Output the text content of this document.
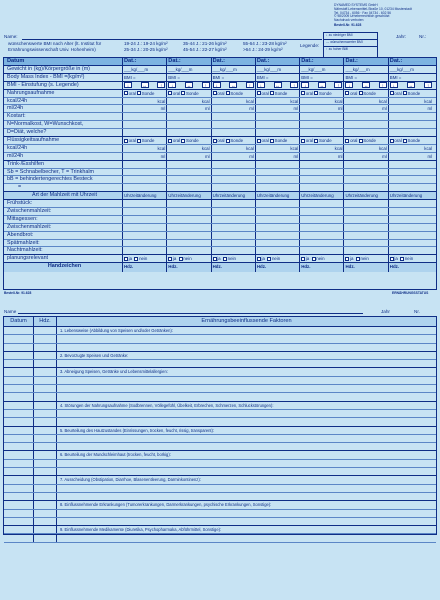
DYNAMED SYSTEMS GmbH
Nährstoff-Lebensmittel-Straße 10, 01234 Musterstadt
Tel. 04734 - 6056 · Fax 04734 - 602 56
© 98/2009 Urheberrechtlich geschützt
Nachdruck verboten
Bestell-Nr. 91.628
Name:	Jahr:	Nr.:
wünschenswerte BMI nach Alter (lt. Institut für
Ernährungswissenschaft Univ. Hohenheim)
19-24 J.: 19-24 kg/m²
25-34 J.: 20-25 kg/m²
35-44 J.: 21-26 kg/m²
45-54 J.: 22-27 kg/m²
55-64 J.: 23-28 kg/m²
>64 J.: 24-29 kg/m²
Legende:
↓ zu niedriger BMI
↔ wünschenswerter BMI
↑ zu hoher BMI
Datum	Dat.:	Dat.:	Dat.:	Dat.:	Dat.:	Dat.:	Dat.:
Gewicht in (kg)/Körpergröße in (m)	___kg/___m	___kg/___m	___kg/___m	___kg/___m	___kg/___m	___kg/___m	___kg/___m
Body Mass Index - BMI =(kg/m²)	BMI =	BMI =	BMI =	BMI =	BMI =	BMI =	BMI =
BMI - Einstufung (s. Legende)	↓	↔	↑	↓	↔	↑	↓	↔	↑	↓	↔	↑	↓	↔	↑	↓	↔	↑	↓	↔	↑
Nahrungsaufnahme	oral Sonde	oral Sonde	oral Sonde	oral Sonde	oral Sonde	oral Sonde	oral Sonde
kcal/24h	kcal	kcal	kcal	kcal	kcal	kcal	kcal
ml/24h	ml	ml	ml	ml	ml	ml	ml
Kostart:
N=Normalkost, W=Wunschkost,
D=Diät, welche?
Flüssigkeitsaufnahme	oral Sonde	oral Sonde	oral Sonde	oral Sonde	oral Sonde	oral Sonde	oral Sonde
kcal/24h	kcal	kcal	kcal	kcal	kcal	kcal	kcal
ml/24h	ml	ml	ml	ml	ml	ml	ml
Trink-/Esshilfen
Sb = Schnabelbecher, T = Trinkhalm
bB = behindertengerechtes Besteck
=
Art der Mahlzeit mit Uhrzeit	Uhrzeitänderung	Uhrzeitänderung	Uhrzeitänderung	Uhrzeitänderung	Uhrzeitänderung	Uhrzeitänderung	Uhrzeitänderung
Frühstück:
Zwischenmahlzeit:
Mittagessen:
Zwischenmahlzeit:
Abendbrot:
Spätmahlzeit:
Nachtmahlzeit:
planungsrelevant	ja nein	ja nein	ja nein	ja nein	ja nein	ja nein	ja nein
Handzeichen	Hdz.	Hdz.	Hdz.	Hdz.	Hdz.	Hdz.	Hdz.
Bestell-Nr. 91.628	ERNÄHRUNGSSTATUS
Name	Jahr	Nr.
Datum	Hdz.	Ernährungsbeeinflussende Faktoren
1. Lebensweise (Abbildung von Speisen und/oder Getränken):
2. Bevorzugte Speisen und Getränke:
3. Abneigung Speisen, Getränke und Lebensmittelallergien:
4. Störungen der Nahrungsaufnahme (Sodbrennen, Völlegefühl, Übelkeit, Erbrechen, Schmerzen, Schluckstörungen):
5. Beurteilung des Hautzustandes (Einrissungen, trocken, feucht, rissig, transparent):
6. Beurteilung der Mundschleimhaut (trocken, feucht, borkig):
7. Ausscheidung (Obstipation, Diarrhoe, Blasenentleerung, Darminkontinenz):
8. Einflussnehmende Erkrankungen (Tumorerkrankungen, Darmerkrankungen, psychische Erkrankungen, Sonstige):
9. Einflussnehmende Medikamente (Diuretika, Psychopharmaka, Abführmittel, Sonstige):
